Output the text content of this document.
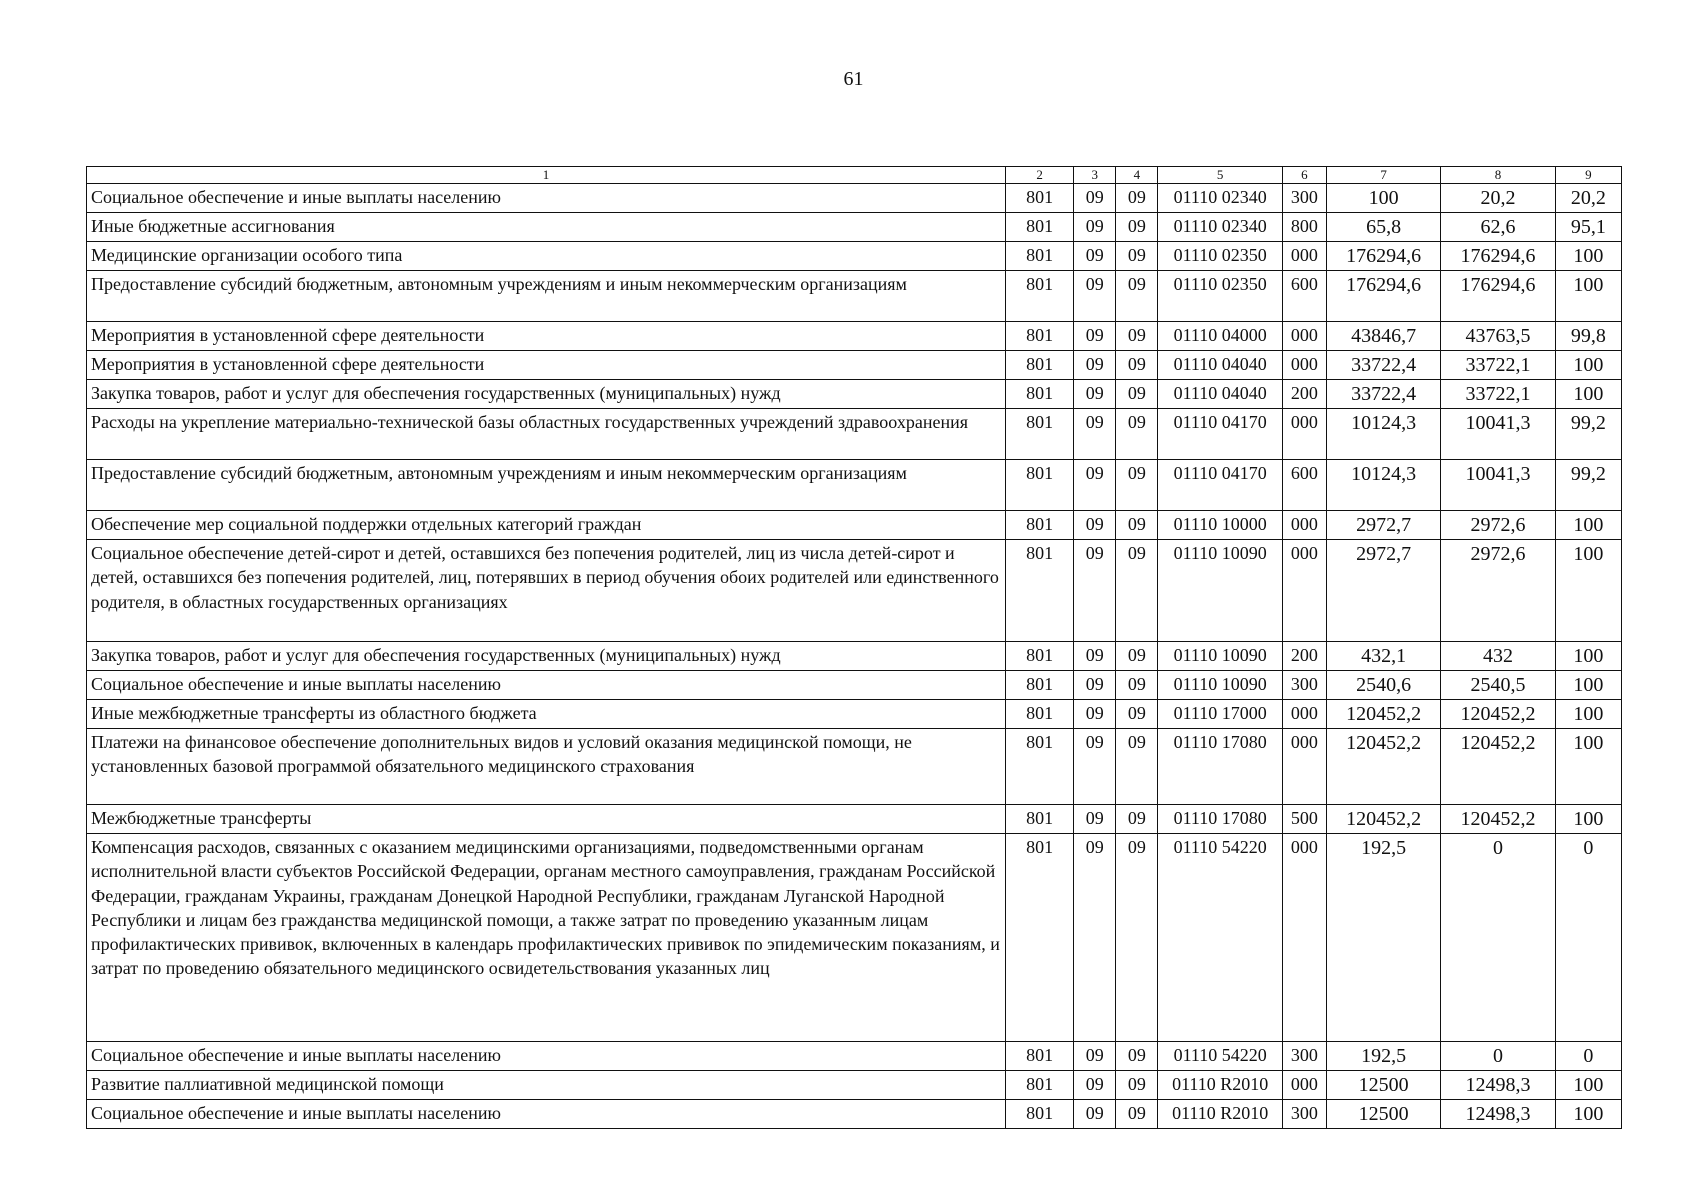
61
1	2	3	4	5	6	7	8	9
Социальное обеспечение и иные выплаты населению	801	09	09	01110 02340	300	100	20,2	20,2
Иные бюджетные ассигнования	801	09	09	01110 02340	800	65,8	62,6	95,1
Медицинские организации особого типа	801	09	09	01110 02350	000	176294,6	176294,6	100
Предоставление субсидий бюджетным, автономным учреждениям и иным некоммерческим организациям	801	09	09	01110 02350	600	176294,6	176294,6	100
Мероприятия в установленной сфере деятельности	801	09	09	01110 04000	000	43846,7	43763,5	99,8
Мероприятия в установленной сфере деятельности	801	09	09	01110 04040	000	33722,4	33722,1	100
Закупка товаров, работ и услуг для обеспечения государственных (муниципальных) нужд	801	09	09	01110 04040	200	33722,4	33722,1	100
Расходы на укрепление материально-технической базы областных государственных учреждений здравоохранения	801	09	09	01110 04170	000	10124,3	10041,3	99,2
Предоставление субсидий бюджетным, автономным учреждениям и иным некоммерческим организациям	801	09	09	01110 04170	600	10124,3	10041,3	99,2
Обеспечение мер социальной поддержки отдельных категорий граждан	801	09	09	01110 10000	000	2972,7	2972,6	100
Социальное обеспечение детей-сирот и детей, оставшихся без попечения родителей, лиц из числа детей-сирот и детей, оставшихся без попечения родителей, лиц, потерявших в период обучения обоих родителей или единственного родителя, в областных государственных организациях	801	09	09	01110 10090	000	2972,7	2972,6	100
Закупка товаров, работ и услуг для обеспечения государственных (муниципальных) нужд	801	09	09	01110 10090	200	432,1	432	100
Социальное обеспечение и иные выплаты населению	801	09	09	01110 10090	300	2540,6	2540,5	100
Иные межбюджетные трансферты из областного бюджета	801	09	09	01110 17000	000	120452,2	120452,2	100
Платежи на финансовое обеспечение дополнительных видов и условий оказания медицинской помощи, не установленных базовой программой обязательного медицинского страхования	801	09	09	01110 17080	000	120452,2	120452,2	100
Межбюджетные трансферты	801	09	09	01110 17080	500	120452,2	120452,2	100
Компенсация расходов, связанных с оказанием медицинскими организациями, подведомственными органам исполнительной власти субъектов Российской Федерации, органам местного самоуправления, гражданам Российской Федерации, гражданам Украины, гражданам Донецкой Народной Республики, гражданам Луганской Народной Республики и лицам без гражданства медицинской помощи, а также затрат по проведению указанным лицам профилактических прививок, включенных в календарь профилактических прививок по эпидемическим показаниям, и затрат по проведению обязательного медицинского освидетельствования указанных лиц	801	09	09	01110 54220	000	192,5	0	0
Социальное обеспечение и иные выплаты населению	801	09	09	01110 54220	300	192,5	0	0
Развитие паллиативной медицинской помощи	801	09	09	01110 R2010	000	12500	12498,3	100
Социальное обеспечение и иные выплаты населению	801	09	09	01110 R2010	300	12500	12498,3	100
